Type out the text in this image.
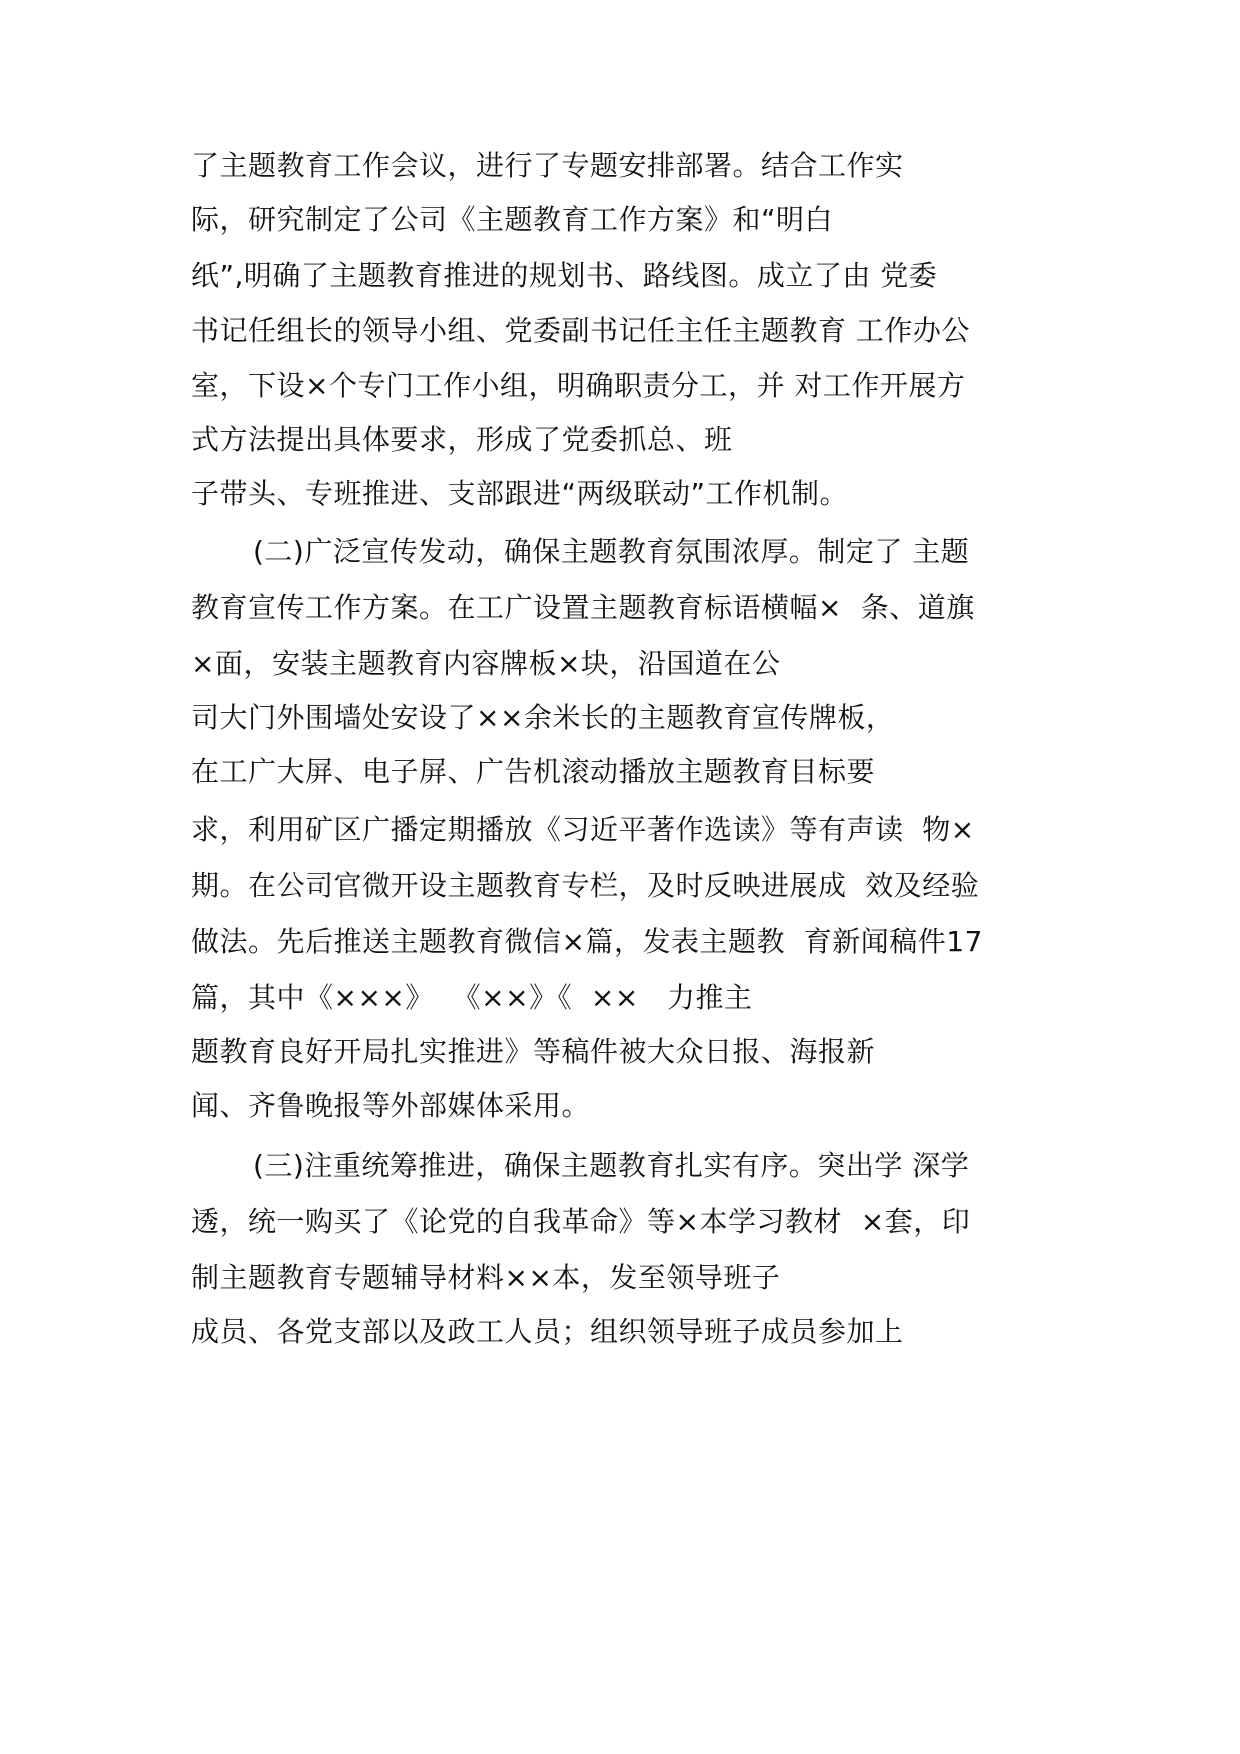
了主题教育工作会议，进行了专题安排部署。结合工作实
际，研究制定了公司《主题教育工作方案》和“明白
纸”,明确了主题教育推进的规划书、路线图。成立了由 党委
书记任组长的领导小组、党委副书记任主任主题教育 工作办公
室，下设×个专门工作小组，明确职责分工，并 对工作开展方
式方法提出具体要求，形成了党委抓总、班
子带头、专班推进、支部跟进“两级联动”工作机制。
(二)广泛宣传发动，确保主题教育氛围浓厚。制定了 主题
教育宣传工作方案。在工广设置主题教育标语横幅×  条、道旗
×面，安装主题教育内容牌板×块，沿国道在公
司大门外围墙处安设了××余米长的主题教育宣传牌板，
在工广大屏、电子屏、广告机滚动播放主题教育目标要
求，利用矿区广播定期播放《习近平著作选读》等有声读  物×
期。在公司官微开设主题教育专栏，及时反映进展成  效及经验
做法。先后推送主题教育微信×篇，发表主题教  育新闻稿件17
篇，其中《×××》  《××》《  ××   力推主
题教育良好开局扎实推进》等稿件被大众日报、海报新
闻、齐鲁晚报等外部媒体采用。
(三)注重统筹推进，确保主题教育扎实有序。突出学 深学
透，统一购买了《论党的自我革命》等×本学习教材  ×套，印
制主题教育专题辅导材料××本，发至领导班子
成员、各党支部以及政工人员；组织领导班子成员参加上
